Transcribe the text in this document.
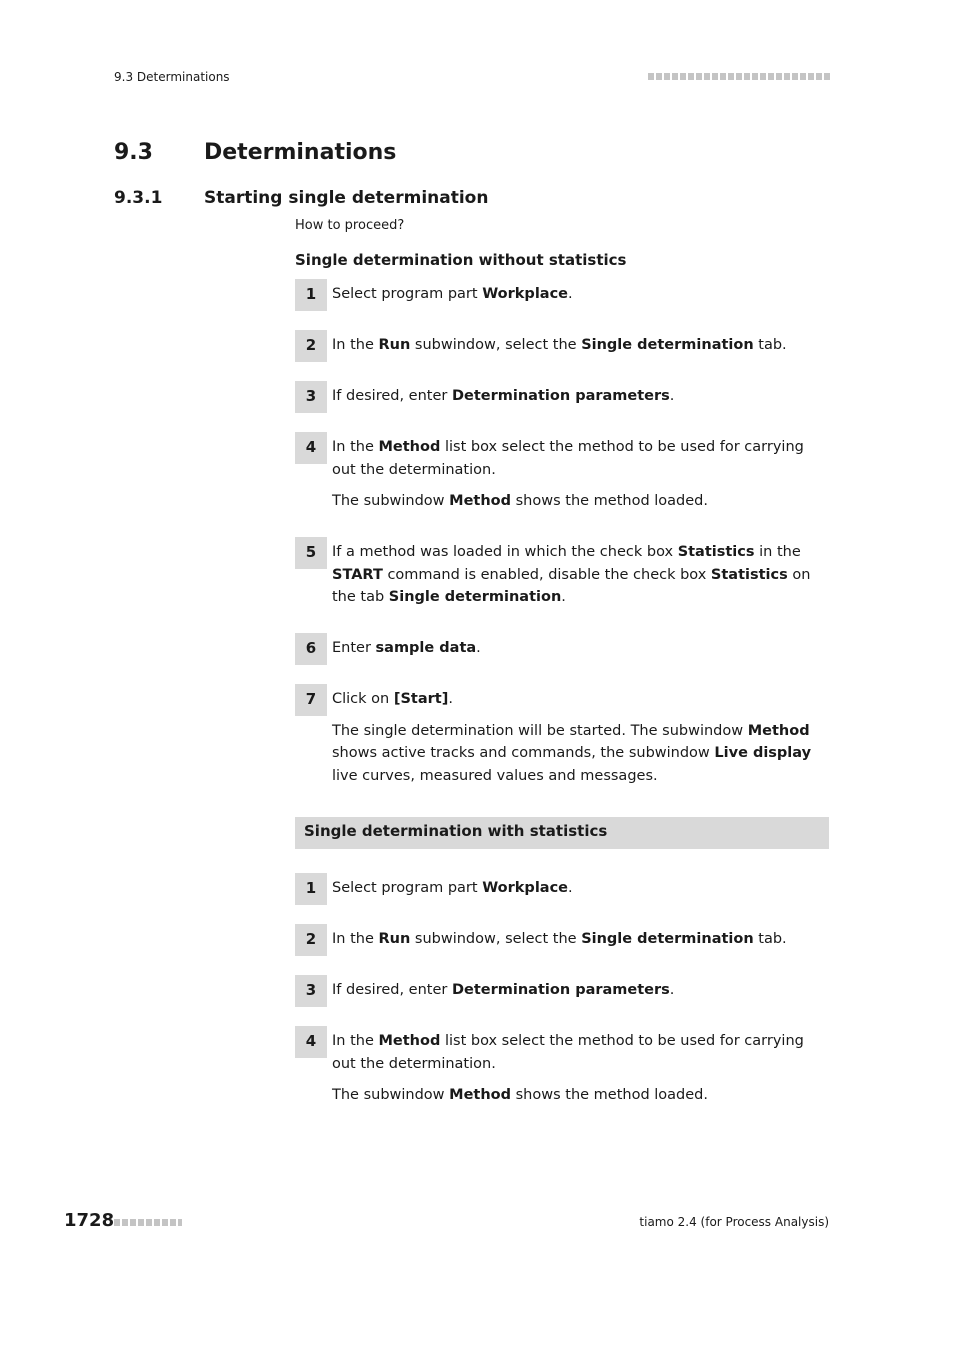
9.3 Determinations
9.3 Determinations
9.3.1 Starting single determination
How to proceed?
Single determination without statistics
1	Select program part Workplace.
2	In the Run subwindow, select the Single determination tab.
3	If desired, enter Determination parameters.
4	In the Method list box select the method to be used for carrying out the determination.
The subwindow Method shows the method loaded.
5	If a method was loaded in which the check box Statistics in the START command is enabled, disable the check box Statistics on the tab Single determination.
6	Enter sample data.
7	Click on [Start].
The single determination will be started. The subwindow Method shows active tracks and commands, the subwindow Live display live curves, measured values and messages.
Single determination with statistics
1	Select program part Workplace.
2	In the Run subwindow, select the Single determination tab.
3	If desired, enter Determination parameters.
4	In the Method list box select the method to be used for carrying out the determination.
The subwindow Method shows the method loaded.
1728	tiamo 2.4 (for Process Analysis)
